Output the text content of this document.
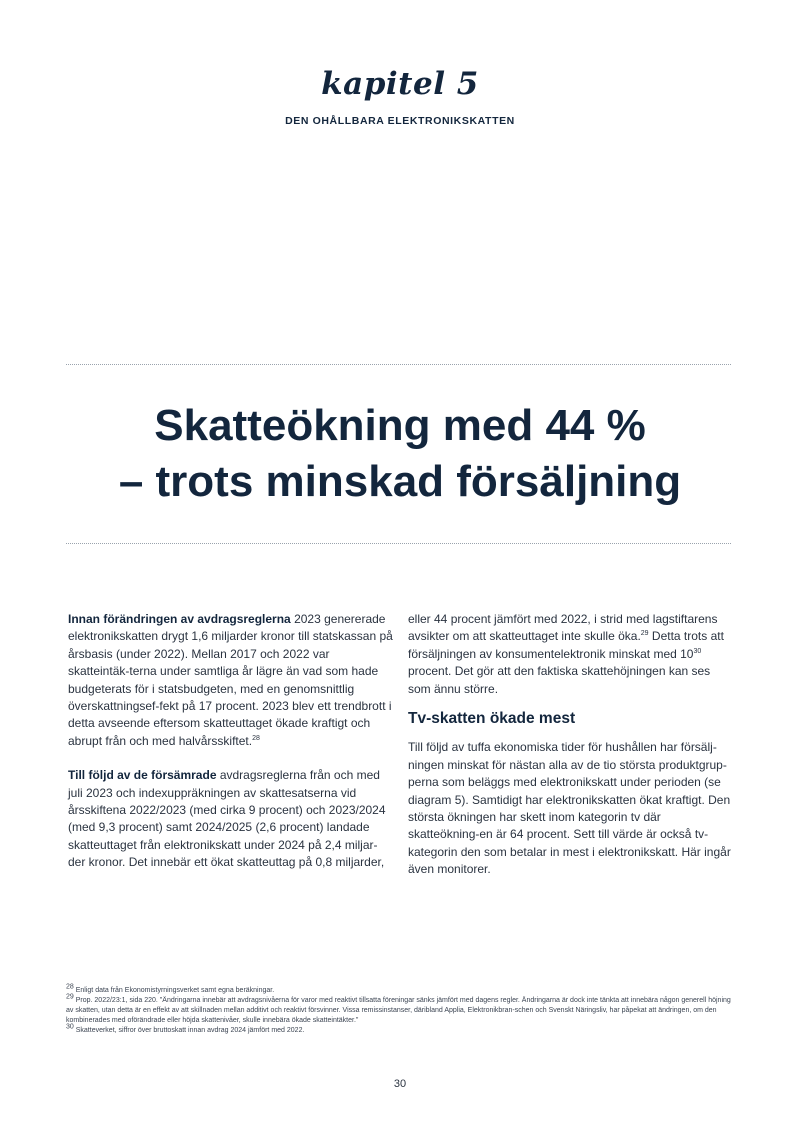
kapitel 5
DEN OHÅLLBARA ELEKTRONIKSKATTEN
Skatteökning med 44 %
– trots minskad försäljning

Innan förändringen av avdragsreglerna 2023 genererade elektronikskatten drygt 1,6 miljarder kronor till statskassan på årsbasis (under 2022). Mellan 2017 och 2022 var skatteintäk-terna under samtliga år lägre än vad som hade budgeterats för i statsbudgeten, med en genomsnittlig överskattningsef-fekt på 17 procent. 2023 blev ett trendbrott i detta avseende eftersom skatteuttaget ökade kraftigt och abrupt från och med halvårsskiftet.$^{28}$

Till följd av de försämrade avdragsreglerna från och med juli 2023 och indexuppräkningen av skattesatserna vid årsskiftena 2022/2023 (med cirka 9 procent) och 2023/2024 (med 9,3 procent) samt 2024/2025 (2,6 procent) landade skatteuttaget från elektronikskatt under 2024 på 2,4 miljar-der kronor. Det innebär ett ökat skatteuttag på 0,8 miljarder,

eller 44 procent jämfört med 2022, i strid med lagstiftarens avsikter om att skatteuttaget inte skulle öka.$^{29}$ Detta trots att försäljningen av konsumentelektronik minskat med $10^{30}$ procent. Det gör att den faktiska skattehöjningen kan ses som ännu större.

Tv-skatten ökade mest

Till följd av tuffa ekonomiska tider för hushållen har försälj-ningen minskat för nästan alla av de tio största produktgrup-perna som beläggs med elektronikskatt under perioden (se diagram 5). Samtidigt har elektronikskatten ökat kraftigt. Den största ökningen har skett inom kategorin tv där skatteökning-en är 64 procent. Sett till värde är också tv-kategorin den som betalar in mest i elektronikskatt. Här ingår även monitorer.

$^{28}$ Enligt data från Ekonomistyrningsverket samt egna beräkningar.

$^{29}$ Prop. 2022/23:1, sida 220. "Ändringarna innebär att avdragsnivåerna för varor med reaktivt tillsatta föreningar sänks jämfört med dagens regler. Ändringarna är dock inte tänkta att innebära någon generell höjning av skatten, utan detta är en effekt av att skillnaden mellan additivt och reaktivt försvinner. Vissa remissinstanser, däribland Applia, Elektronikbran-schen och Svenskt Näringsliv, har påpekat att ändringen, om den kombinerades med oförändrade eller höjda skattenivåer, skulle innebära ökade skatteintäkter."

$^{30}$ Skatteverket, siffror över bruttoskatt innan avdrag 2024 jämfört med 2022.

30
